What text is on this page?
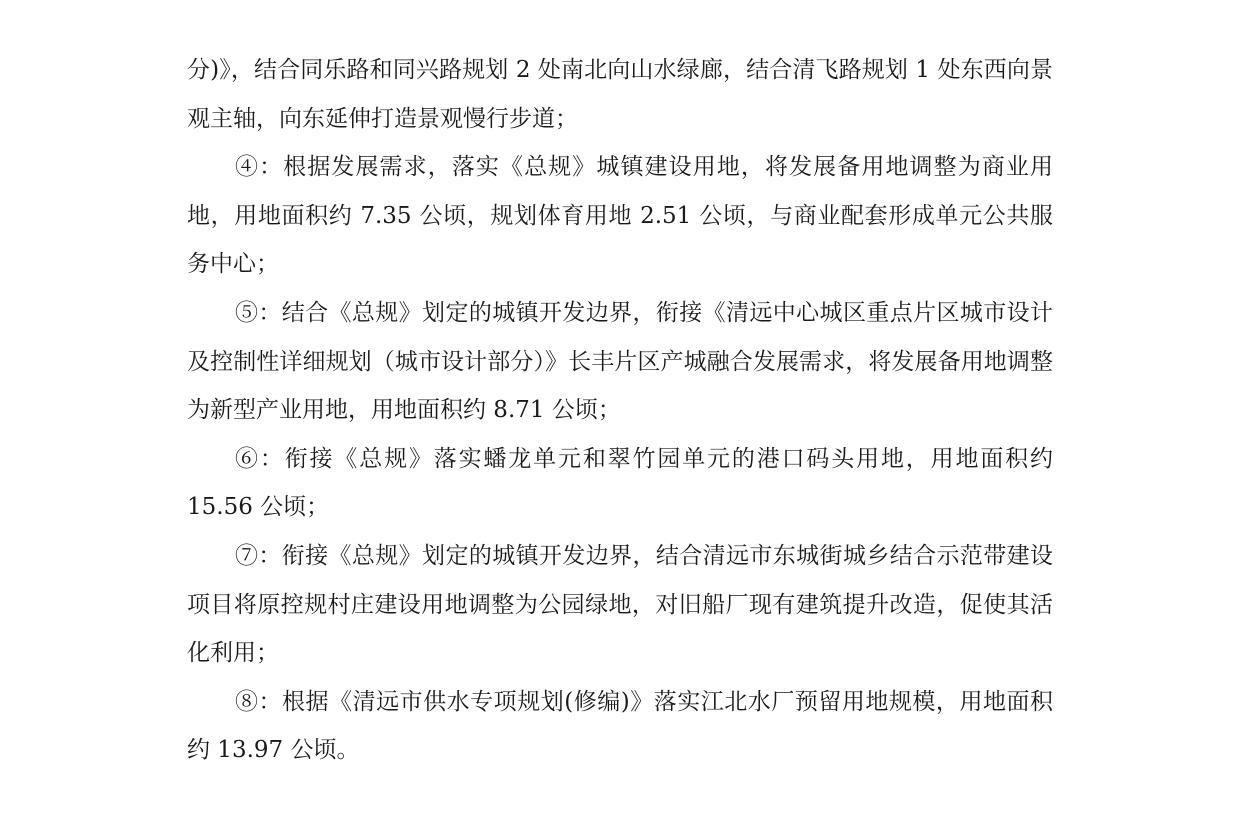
分)》，结合同乐路和同兴路规划 2 处南北向山水绿廊，结合清飞路规划 1 处东西向景观主轴，向东延伸打造景观慢行步道；

④：根据发展需求，落实《总规》城镇建设用地，将发展备用地调整为商业用地，用地面积约 7.35 公顷，规划体育用地 2.51 公顷，与商业配套形成单元公共服务中心；

⑤：结合《总规》划定的城镇开发边界，衔接《清远中心城区重点片区城市设计及控制性详细规划（城市设计部分）》长丰片区产城融合发展需求，将发展备用地调整为新型产业用地，用地面积约 8.71 公顷；

⑥：衔接《总规》落实蟠龙单元和翠竹园单元的港口码头用地，用地面积约 15.56 公顷；

⑦：衔接《总规》划定的城镇开发边界，结合清远市东城街城乡结合示范带建设项目将原控规村庄建设用地调整为公园绿地，对旧船厂现有建筑提升改造，促使其活化利用；

⑧：根据《清远市供水专项规划(修编)》落实江北水厂预留用地规模，用地面积约 13.97 公顷。
